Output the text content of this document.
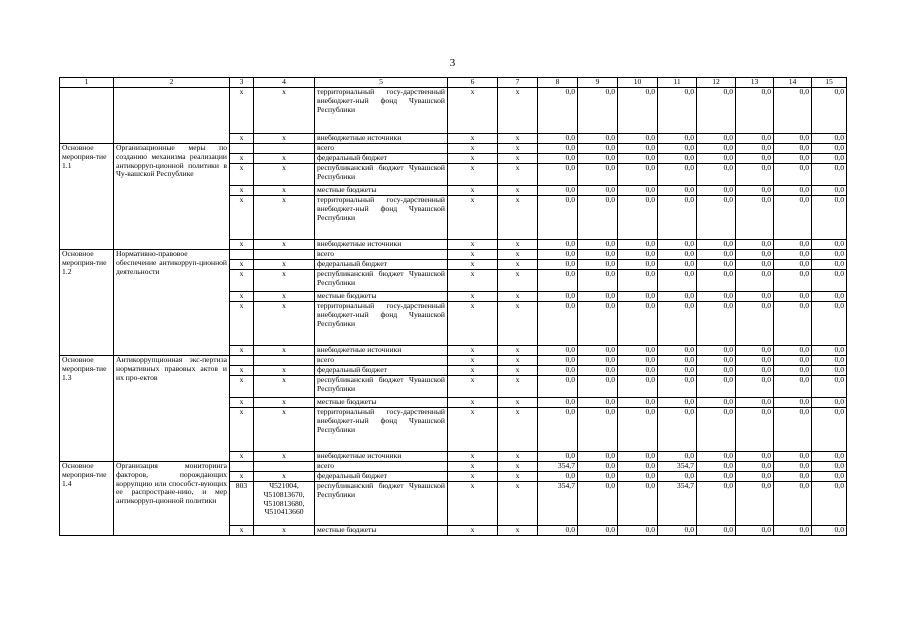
3
1	2	3	4	5	6	7	8	9	10	11	12	13	14	15
		x	x	территориальный госу-дарственный внебюджет-ный фонд Чувашской Республики	x	x	0,0	0,0	0,0	0,0	0,0	0,0	0,0	0,0
		x	x	внебюджетные источники	x	x	0,0	0,0	0,0	0,0	0,0	0,0	0,0	0,0
Основное мероприя-тие 1.1	Организационные меры по созданию механизма реализации антикорруп-ционной политики в Чу-вашской Республике			всего	x	x	0,0	0,0	0,0	0,0	0,0	0,0	0,0	0,0
		x	x	федеральный бюджет	x	x	0,0	0,0	0,0	0,0	0,0	0,0	0,0	0,0
		x	x	республиканский бюджет Чувашской Республики	x	x	0,0	0,0	0,0	0,0	0,0	0,0	0,0	0,0
		x	x	местные бюджеты	x	x	0,0	0,0	0,0	0,0	0,0	0,0	0,0	0,0
		x	x	территориальный госу-дарственный внебюджет-ный фонд Чувашской Республики	x	x	0,0	0,0	0,0	0,0	0,0	0,0	0,0	0,0
		x	x	внебюджетные источники	x	x	0,0	0,0	0,0	0,0	0,0	0,0	0,0	0,0
Основное мероприя-тие 1.2	Нормативно-правовое обеспечение антикорруп-ционной деятельности			всего	x	x	0,0	0,0	0,0	0,0	0,0	0,0	0,0	0,0
		x	x	федеральный бюджет	x	x	0,0	0,0	0,0	0,0	0,0	0,0	0,0	0,0
		x	x	республиканский бюджет Чувашской Республики	x	x	0,0	0,0	0,0	0,0	0,0	0,0	0,0	0,0
		x	x	местные бюджеты	x	x	0,0	0,0	0,0	0,0	0,0	0,0	0,0	0,0
		x	x	территориальный госу-дарственный внебюджет-ный фонд Чувашской Республики	x	x	0,0	0,0	0,0	0,0	0,0	0,0	0,0	0,0
		x	x	внебюджетные источники	x	x	0,0	0,0	0,0	0,0	0,0	0,0	0,0	0,0
Основное мероприя-тие 1.3	Антикоррупционная экс-пертиза нормативных правовых актов и их про-ектов			всего	x	x	0,0	0,0	0,0	0,0	0,0	0,0	0,0	0,0
		x	x	федеральный бюджет	x	x	0,0	0,0	0,0	0,0	0,0	0,0	0,0	0,0
		x	x	республиканский бюджет Чувашской Республики	x	x	0,0	0,0	0,0	0,0	0,0	0,0	0,0	0,0
		x	x	местные бюджеты	x	x	0,0	0,0	0,0	0,0	0,0	0,0	0,0	0,0
		x	x	территориальный госу-дарственный внебюджет-ный фонд Чувашской Республики	x	x	0,0	0,0	0,0	0,0	0,0	0,0	0,0	0,0
		x	x	внебюджетные источники	x	x	0,0	0,0	0,0	0,0	0,0	0,0	0,0	0,0
Основное мероприя-тие 1.4	Организация мониторинга факторов, порождающих коррупцию или способст-вующих ее распростране-нию, и мер антикорруп-ционной политики			всего	x	x	354,7	0,0	0,0	354,7	0,0	0,0	0,0	0,0
		x	x	федеральный бюджет	x	x	0,0	0,0	0,0	0,0	0,0	0,0	0,0	0,0
		803	Ч521004, Ч510813670, Ч510813680, Ч510413660	республиканский бюджет Чувашской Республики	x	x	354,7	0,0	0,0	354,7	0,0	0,0	0,0	0,0
		x	x	местные бюджеты	x	x	0,0	0,0	0,0	0,0	0,0	0,0	0,0	0,0
